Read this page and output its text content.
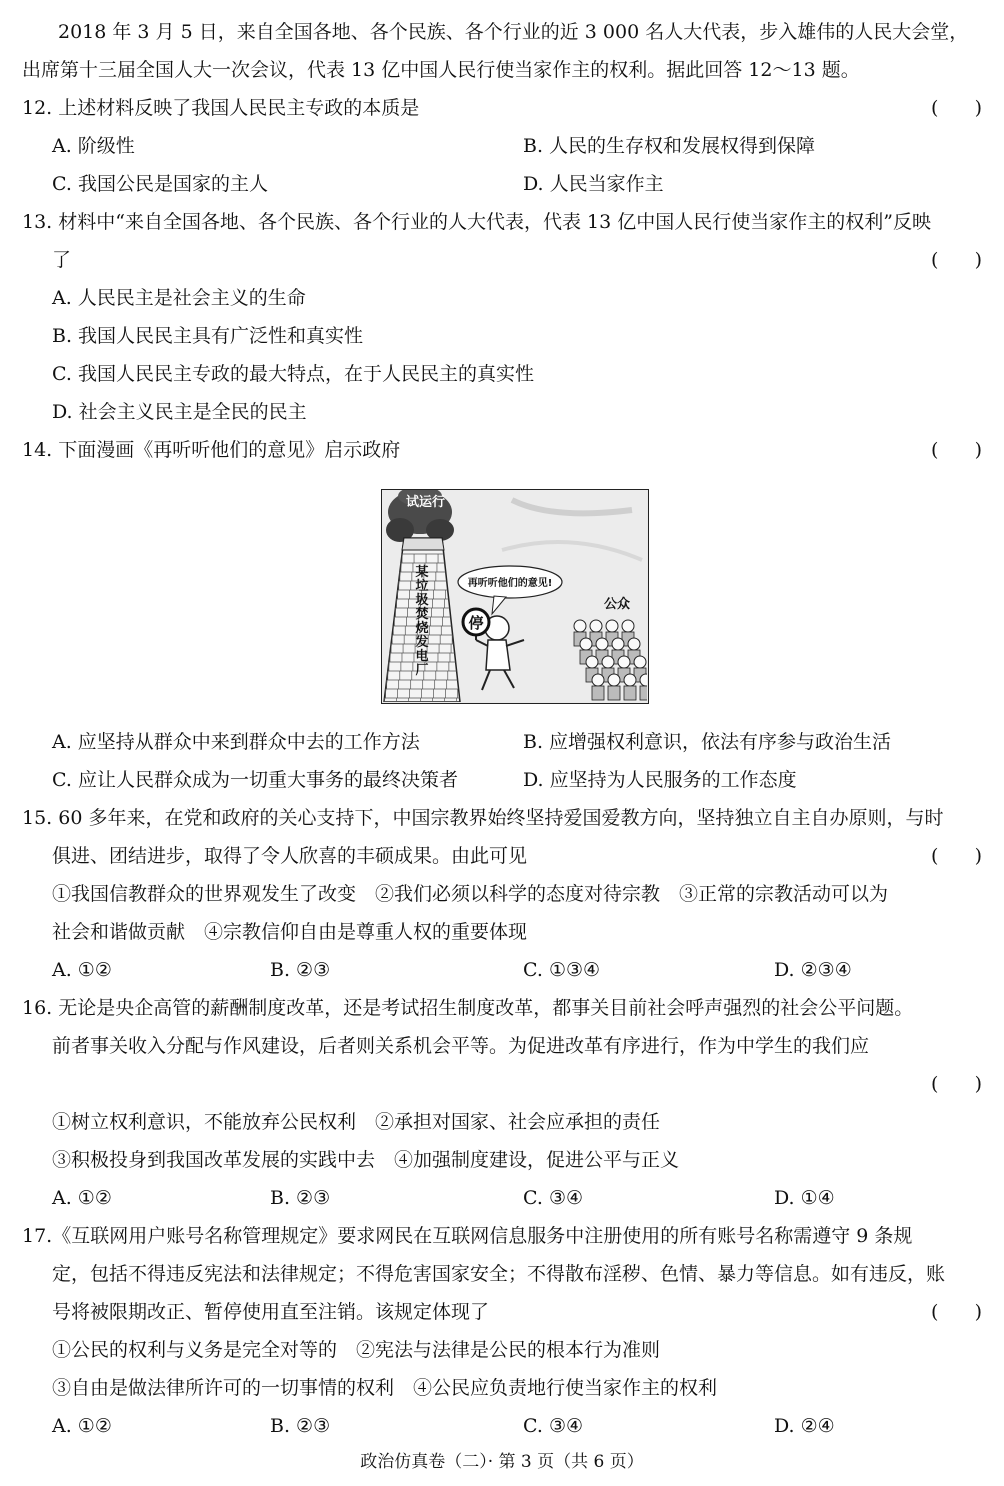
2018 年 3 月 5 日，来自全国各地、各个民族、各个行业的近 3 000 名人大代表，步入雄伟的人民大会堂，
出席第十三届全国人大一次会议，代表 13 亿中国人民行使当家作主的权利。据此回答 12～13 题。
12. 上述材料反映了我国人民民主专政的本质是	(      )
A. 阶级性	B. 人民的生存权和发展权得到保障
C. 我国公民是国家的主人	D. 人民当家作主
13. 材料中“来自全国各地、各个民族、各个行业的人大代表，代表 13 亿中国人民行使当家作主的权利”反映
了	(      )
A. 人民民主是社会主义的生命
B. 我国人民民主具有广泛性和真实性
C. 我国人民民主专政的最大特点，在于人民民主的真实性
D. 社会主义民主是全民的民主
14. 下面漫画《再听听他们的意见》启示政府	(      )
试运行
某
垃
圾
焚
烧
发
电
厂
停
再听听他们的意见!
公众
A. 应坚持从群众中来到群众中去的工作方法	B. 应增强权利意识，依法有序参与政治生活
C. 应让人民群众成为一切重大事务的最终决策者	D. 应坚持为人民服务的工作态度
15. 60 多年来，在党和政府的关心支持下，中国宗教界始终坚持爱国爱教方向，坚持独立自主自办原则，与时
俱进、团结进步，取得了令人欣喜的丰硕成果。由此可见	(      )
①我国信教群众的世界观发生了改变　②我们必须以科学的态度对待宗教　③正常的宗教活动可以为
社会和谐做贡献　④宗教信仰自由是尊重人权的重要体现
A. ①②	B. ②③	C. ①③④	D. ②③④
16. 无论是央企高管的薪酬制度改革，还是考试招生制度改革，都事关目前社会呼声强烈的社会公平问题。
前者事关收入分配与作风建设，后者则关系机会平等。为促进改革有序进行，作为中学生的我们应
(      )
①树立权利意识，不能放弃公民权利　②承担对国家、社会应承担的责任
③积极投身到我国改革发展的实践中去　④加强制度建设，促进公平与正义
A. ①②	B. ②③	C. ③④	D. ①④
17.《互联网用户账号名称管理规定》要求网民在互联网信息服务中注册使用的所有账号名称需遵守 9 条规
定，包括不得违反宪法和法律规定；不得危害国家安全；不得散布淫秽、色情、暴力等信息。如有违反，账
号将被限期改正、暂停使用直至注销。该规定体现了	(      )
①公民的权利与义务是完全对等的　②宪法与法律是公民的根本行为准则
③自由是做法律所许可的一切事情的权利　④公民应负责地行使当家作主的权利
A. ①②	B. ②③	C. ③④	D. ②④
政治仿真卷（二）· 第 3 页（共 6 页）
